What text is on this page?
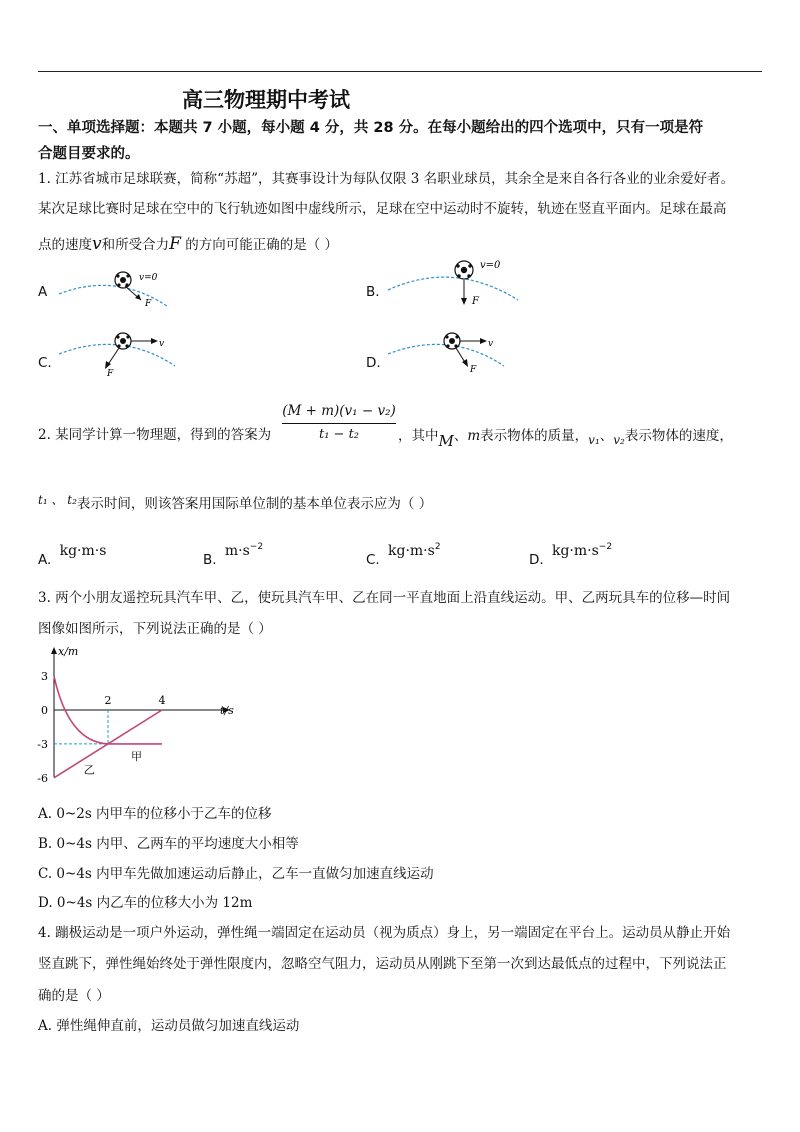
高三物理期中考试
一、单项选择题：本题共 7 小题，每小题 4 分，共 28 分。在每小题给出的四个选项中，只有一项是符
合题目要求的。
1. 江苏省城市足球联赛，简称“苏超”，其赛事设计为每队仅限 3 名职业球员，其余全是来自各行各业的业余爱好者。
某次足球比赛时足球在空中的飞行轨迹如图中虚线所示，足球在空中运动时不旋转，轨迹在竖直平面内。足球在最高
点的速度v和所受合力F 的方向可能正确的是（ ）
A
v=0
F
B.
v=0
F
C.
v
F
D.
v
F
2. 某同学计算一物理题，得到的答案为
(M + m)(v₁ − v₂)
t₁ − t₂	，其中M、m表示物体的质量，v₁、v₂表示物体的速度，
t₁ 、 t₂表示时间，则该答案用国际单位制的基本单位表示应为（ ）
A. kg·m·s
B. $m\cdot s^{-2}$
C. $kg\cdot m\cdot s^2$
D. $kg\cdot m\cdot s^{-2}$
3. 两个小朋友遥控玩具汽车甲、乙，使玩具汽车甲、乙在同一平直地面上沿直线运动。甲、乙两玩具车的位移—时间
图像如图所示，下列说法正确的是（ ）
x/m
t/s
3
0
-3
-6
2	4
甲
乙
A. 0~2s 内甲车的位移小于乙车的位移
B. 0~4s 内甲、乙两车的平均速度大小相等
C. 0~4s 内甲车先做加速运动后静止，乙车一直做匀加速直线运动
D. 0~4s 内乙车的位移大小为 12m
4. 蹦极运动是一项户外运动，弹性绳一端固定在运动员（视为质点）身上，另一端固定在平台上。运动员从静止开始
竖直跳下，弹性绳始终处于弹性限度内，忽略空气阻力，运动员从刚跳下至第一次到达最低点的过程中，下列说法正
确的是（ ）
A. 弹性绳伸直前，运动员做匀加速直线运动
